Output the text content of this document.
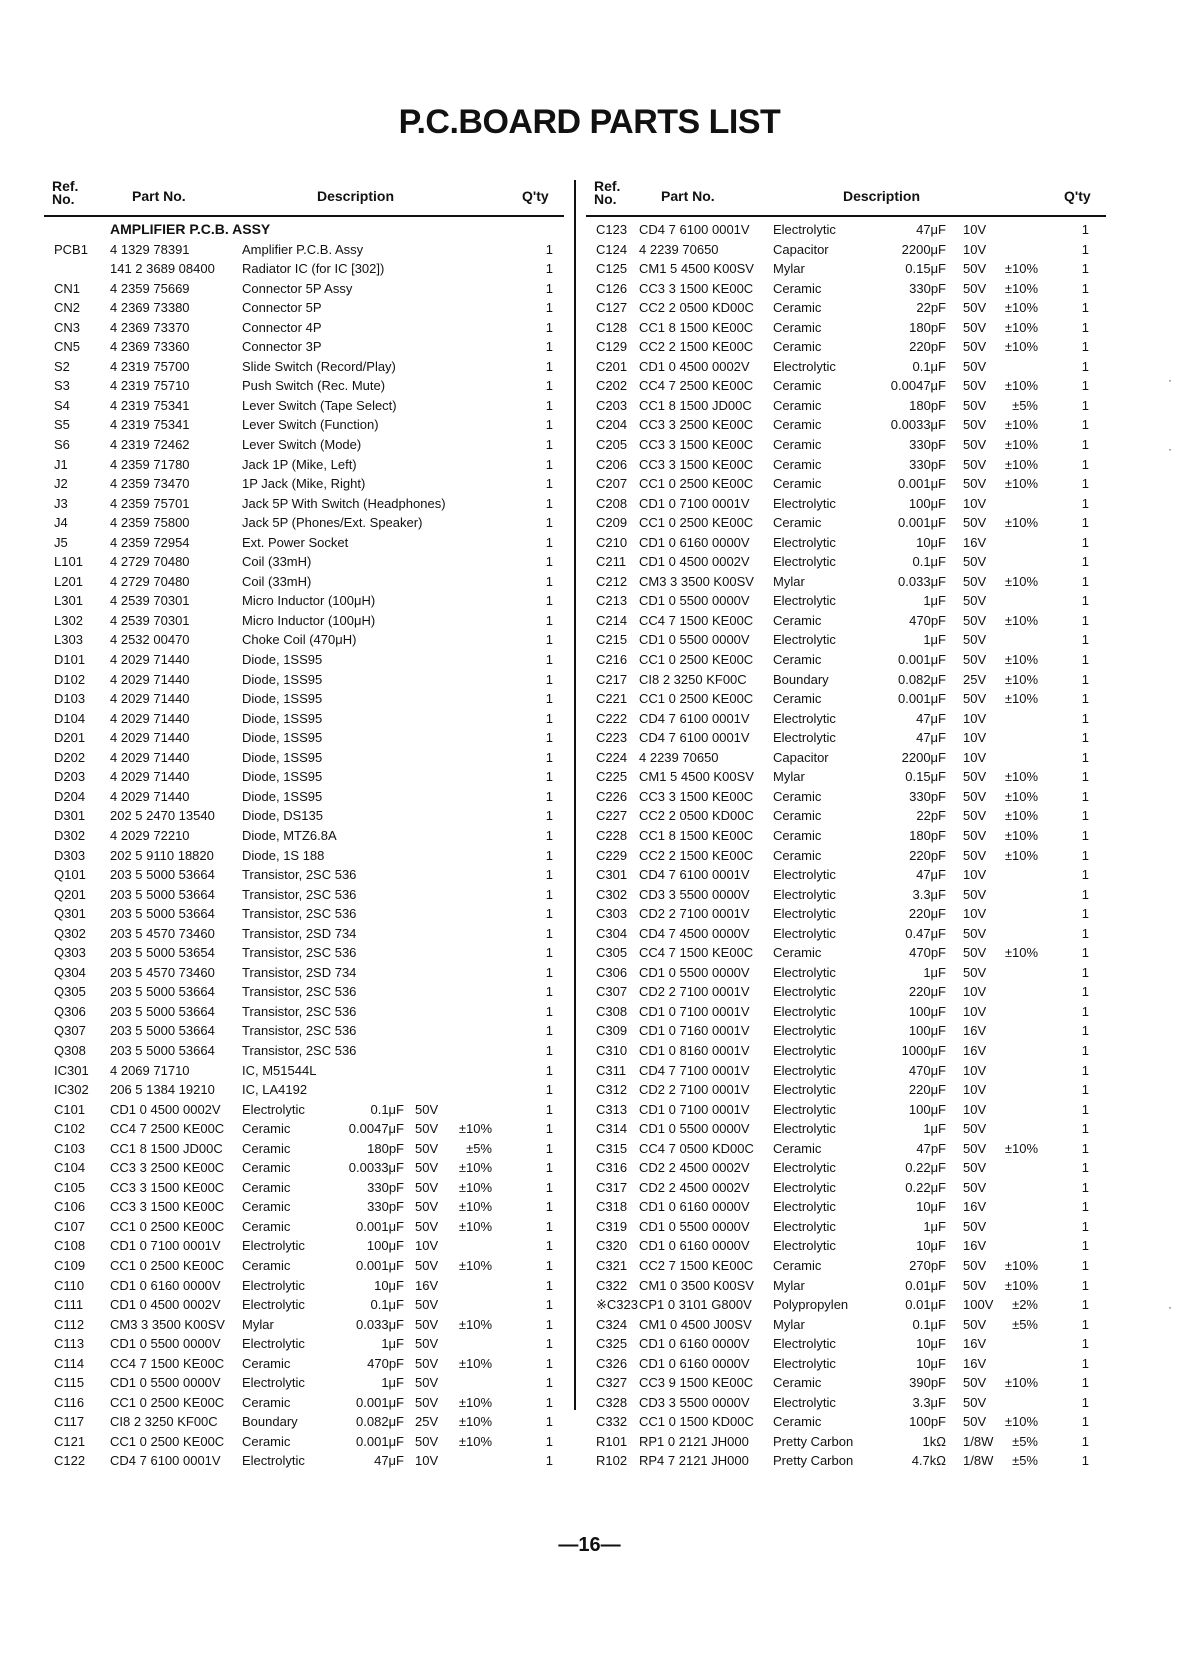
P.C.BOARD PARTS LIST
Ref.
No.	Part No.	Description	Q'ty
AMPLIFIER P.C.B. ASSY
PCB1 4 1329 78391	Amplifier P.C.B. Assy	1
141 2 3689 08400 Radiator IC (for IC [302])	1
CN1 4 2359 75669	Connector 5P Assy	1
CN2 4 2369 73380	Connector 5P	1
CN3 4 2369 73370	Connector 4P	1
CN5 4 2369 73360	Connector 3P	1
S2	4 2319 75700	Slide Switch (Record/Play)	1
S3	4 2319 75710	Push Switch (Rec. Mute)	1
S4	4 2319 75341	Lever Switch (Tape Select)	1
S5	4 2319 75341	Lever Switch (Function)	1
S6	4 2319 72462	Lever Switch (Mode)	1
J1	4 2359 71780	Jack 1P (Mike, Left)	1
J2	4 2359 73470	1P Jack (Mike, Right)	1
J3	4 2359 75701	Jack 5P With Switch (Headphones)	1
J4	4 2359 75800	Jack 5P (Phones/Ext. Speaker)	1
J5	4 2359 72954	Ext. Power Socket	1
L101 4 2729 70480	Coil (33mH)	1
L201 4 2729 70480	Coil (33mH)	1
L301 4 2539 70301	Micro Inductor (100μH)	1
L302 4 2539 70301	Micro Inductor (100μH)	1
L303 4 2532 00470	Choke Coil (470μH)	1
D101 4 2029 71440	Diode, 1SS95	1
D102 4 2029 71440	Diode, 1SS95	1
D103 4 2029 71440	Diode, 1SS95	1
D104 4 2029 71440	Diode, 1SS95	1
D201 4 2029 71440	Diode, 1SS95	1
D202 4 2029 71440	Diode, 1SS95	1
D203 4 2029 71440	Diode, 1SS95	1
D204 4 2029 71440	Diode, 1SS95	1
D301 202 5 2470 13540 Diode, DS135	1
D302 4 2029 72210	Diode, MTZ6.8A	1
D303 202 5 9110 18820 Diode, 1S 188	1
Q101 203 5 5000 53664 Transistor, 2SC 536	1
Q201 203 5 5000 53664 Transistor, 2SC 536	1
Q301 203 5 5000 53664 Transistor, 2SC 536	1
Q302 203 5 4570 73460 Transistor, 2SD 734	1
Q303 203 5 5000 53654 Transistor, 2SC 536	1
Q304 203 5 4570 73460 Transistor, 2SD 734	1
Q305 203 5 5000 53664 Transistor, 2SC 536	1
Q306 203 5 5000 53664 Transistor, 2SC 536	1
Q307 203 5 5000 53664 Transistor, 2SC 536	1
Q308 203 5 5000 53664 Transistor, 2SC 536	1
IC301 4 2069 71710	IC, M51544L	1
IC302 206 5 1384 19210 IC, LA4192	1
C101 CD1 0 4500 0002V Electrolytic	0.1μF 50V	1
C102 CC4 7 2500 KE00C Ceramic	0.0047μF 50V	±10%	1
C103 CC1 8 1500 JD00C Ceramic	180pF 50V	±5%	1
C104 CC3 3 2500 KE00C Ceramic	0.0033μF 50V	±10%	1
C105 CC3 3 1500 KE00C Ceramic	330pF 50V	±10%	1
C106 CC3 3 1500 KE00C Ceramic	330pF 50V	±10%	1
C107 CC1 0 2500 KE00C Ceramic	0.001μF 50V	±10%	1
C108 CD1 0 7100 0001V Electrolytic	100μF 10V	1
C109 CC1 0 2500 KE00C Ceramic	0.001μF 50V	±10%	1
C110 CD1 0 6160 0000V Electrolytic	10μF 16V	1
C111 CD1 0 4500 0002V Electrolytic	0.1μF 50V	1
C112 CM3 3 3500 K00SV Mylar	0.033μF 50V	±10%	1
C113 CD1 0 5500 0000V Electrolytic	1μF 50V	1
C114 CC4 7 1500 KE00C Ceramic	470pF 50V	±10%	1
C115 CD1 0 5500 0000V Electrolytic	1μF 50V	1
C116 CC1 0 2500 KE00C Ceramic	0.001μF 50V	±10%	1
C117 CI8 2 3250 KF00C Boundary	0.082μF 25V	±10%	1
C121 CC1 0 2500 KE00C Ceramic	0.001μF 50V	±10%	1
C122 CD4 7 6100 0001V Electrolytic	47μF 10V	1
Ref.
No.	Part No.	Description	Q'ty
C123 CD4 7 6100 0001V Electrolytic	47μF 10V	1
C124 4 2239 70650	Capacitor	2200μF 10V	1
C125 CM1 5 4500 K00SV Mylar	0.15μF 50V	±10%	1
C126 CC3 3 1500 KE00C Ceramic	330pF 50V	±10%	1
C127 CC2 2 0500 KD00C Ceramic	22pF 50V	±10%	1
C128 CC1 8 1500 KE00C Ceramic	180pF 50V	±10%	1
C129 CC2 2 1500 KE00C Ceramic	220pF 50V	±10%	1
C201 CD1 0 4500 0002V Electrolytic	0.1μF 50V	1
C202 CC4 7 2500 KE00C Ceramic	0.0047μF 50V	±10%	1
C203 CC1 8 1500 JD00C Ceramic	180pF 50V	±5%	1
C204 CC3 3 2500 KE00C Ceramic	0.0033μF 50V	±10%	1
C205 CC3 3 1500 KE00C Ceramic	330pF 50V	±10%	1
C206 CC3 3 1500 KE00C Ceramic	330pF 50V	±10%	1
C207 CC1 0 2500 KE00C Ceramic	0.001μF 50V	±10%	1
C208 CD1 0 7100 0001V Electrolytic	100μF 10V	1
C209 CC1 0 2500 KE00C Ceramic	0.001μF 50V	±10%	1
C210 CD1 0 6160 0000V Electrolytic	10μF 16V	1
C211 CD1 0 4500 0002V Electrolytic	0.1μF 50V	1
C212 CM3 3 3500 K00SV Mylar	0.033μF 50V	±10%	1
C213 CD1 0 5500 0000V Electrolytic	1μF 50V	1
C214 CC4 7 1500 KE00C Ceramic	470pF 50V	±10%	1
C215 CD1 0 5500 0000V Electrolytic	1μF 50V	1
C216 CC1 0 2500 KE00C Ceramic	0.001μF 50V	±10%	1
C217 CI8 2 3250 KF00C Boundary	0.082μF 25V	±10%	1
C221 CC1 0 2500 KE00C Ceramic	0.001μF 50V	±10%	1
C222 CD4 7 6100 0001V Electrolytic	47μF 10V	1
C223 CD4 7 6100 0001V Electrolytic	47μF 10V	1
C224 4 2239 70650	Capacitor	2200μF 10V	1
C225 CM1 5 4500 K00SV Mylar	0.15μF 50V	±10%	1
C226 CC3 3 1500 KE00C Ceramic	330pF 50V	±10%	1
C227 CC2 2 0500 KD00C Ceramic	22pF 50V	±10%	1
C228 CC1 8 1500 KE00C Ceramic	180pF 50V	±10%	1
C229 CC2 2 1500 KE00C Ceramic	220pF 50V	±10%	1
C301 CD4 7 6100 0001V Electrolytic	47μF 10V	1
C302 CD3 3 5500 0000V Electrolytic	3.3μF 50V	1
C303 CD2 2 7100 0001V Electrolytic	220μF 10V	1
C304 CD4 7 4500 0000V Electrolytic	0.47μF 50V	1
C305 CC4 7 1500 KE00C Ceramic	470pF 50V	±10%	1
C306 CD1 0 5500 0000V Electrolytic	1μF 50V	1
C307 CD2 2 7100 0001V Electrolytic	220μF 10V	1
C308 CD1 0 7100 0001V Electrolytic	100μF 10V	1
C309 CD1 0 7160 0001V Electrolytic	100μF 16V	1
C310 CD1 0 8160 0001V Electrolytic	1000μF 16V	1
C311 CD4 7 7100 0001V Electrolytic	470μF 10V	1
C312 CD2 2 7100 0001V Electrolytic	220μF 10V	1
C313 CD1 0 7100 0001V Electrolytic	100μF 10V	1
C314 CD1 0 5500 0000V Electrolytic	1μF 50V	1
C315 CC4 7 0500 KD00C Ceramic	47pF 50V	±10%	1
C316 CD2 2 4500 0002V Electrolytic	0.22μF 50V	1
C317 CD2 2 4500 0002V Electrolytic	0.22μF 50V	1
C318 CD1 0 6160 0000V Electrolytic	10μF 16V	1
C319 CD1 0 5500 0000V Electrolytic	1μF 50V	1
C320 CD1 0 6160 0000V Electrolytic	10μF 16V	1
C321 CC2 7 1500 KE00C Ceramic	270pF 50V	±10%	1
C322 CM1 0 3500 K00SV Mylar	0.01μF 50V	±10%	1
※C323 CP1 0 3101 G800V Polypropylen	0.01μF 100V	±2%	1
C324 CM1 0 4500 J00SV Mylar	0.1μF 50V	±5%	1
C325 CD1 0 6160 0000V Electrolytic	10μF 16V	1
C326 CD1 0 6160 0000V Electrolytic	10μF 16V	1
C327 CC3 9 1500 KE00C Ceramic	390pF 50V	±10%	1
C328 CD3 3 5500 0000V Electrolytic	3.3μF 50V	1
C332 CC1 0 1500 KD00C Ceramic	100pF 50V	±10%	1
R101 RP1 0 2121 JH000 Pretty Carbon	1kΩ 1/8W	±5%	1
R102 RP4 7 2121 JH000 Pretty Carbon	4.7kΩ 1/8W	±5%	1
—16—
·
·
·
